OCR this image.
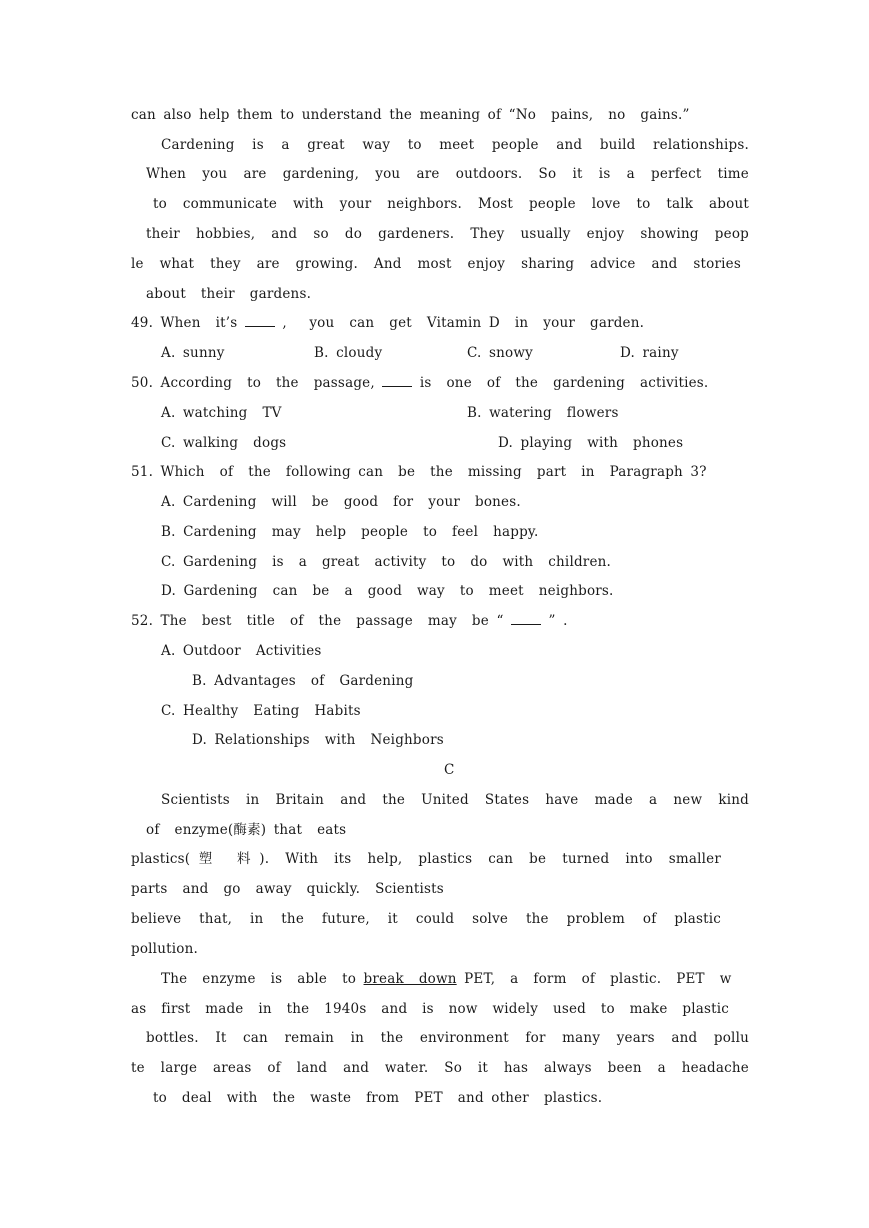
can also help them to understand the meaning of “No  pains,  no  gains.”
Cardening is a great way to meet people and build relationships.
When you are gardening, you are outdoors. So it is a perfect time
to communicate with your neighbors. Most people love to talk about
their hobbies, and so do gardeners. They usually enjoy showing peop
le what they are growing. And most enjoy sharing advice and stories
about  their  gardens.
49. When  it’s	,   you  can  get  Vitamin D  in  your  garden.
A. sunny	B. cloudy	C. snowy	D. rainy
50. According  to  the  passage,	is  one  of  the  gardening  activities.
A. watching  TV	B. watering  flowers
C. walking  dogs	D. playing  with  phones
51. Which  of  the  following can  be  the  missing  part  in  Paragraph 3?
A. Cardening  will  be  good  for  your  bones.
B. Cardening  may  help  people  to  feel  happy.
C. Gardening  is  a  great  activity  to  do  with  children.
D. Gardening  can  be  a  good  way  to  meet  neighbors.
52. The  best  title  of  the  passage  may  be “	” .
A. Outdoor  Activities
B. Advantages  of  Gardening
C. Healthy  Eating  Habits
D. Relationships  with  Neighbors
C
Scientists in Britain and the United States have made a new kind
of  enzyme(酶素) that  eats
plastics(塑 料). With its help, plastics can be turned into smaller
parts  and  go  away  quickly.  Scientists
believe that, in the future, it could solve the problem of plastic
pollution.
The  enzyme  is  able  to break  down PET,  a  form  of  plastic.  PET  w
as first made in the 1940s and is now widely used to make plastic
bottles. It can remain in the environment for many years and pollu
te large areas of land and water. So it has always been a headache
to  deal  with  the  waste  from  PET  and other  plastics.
